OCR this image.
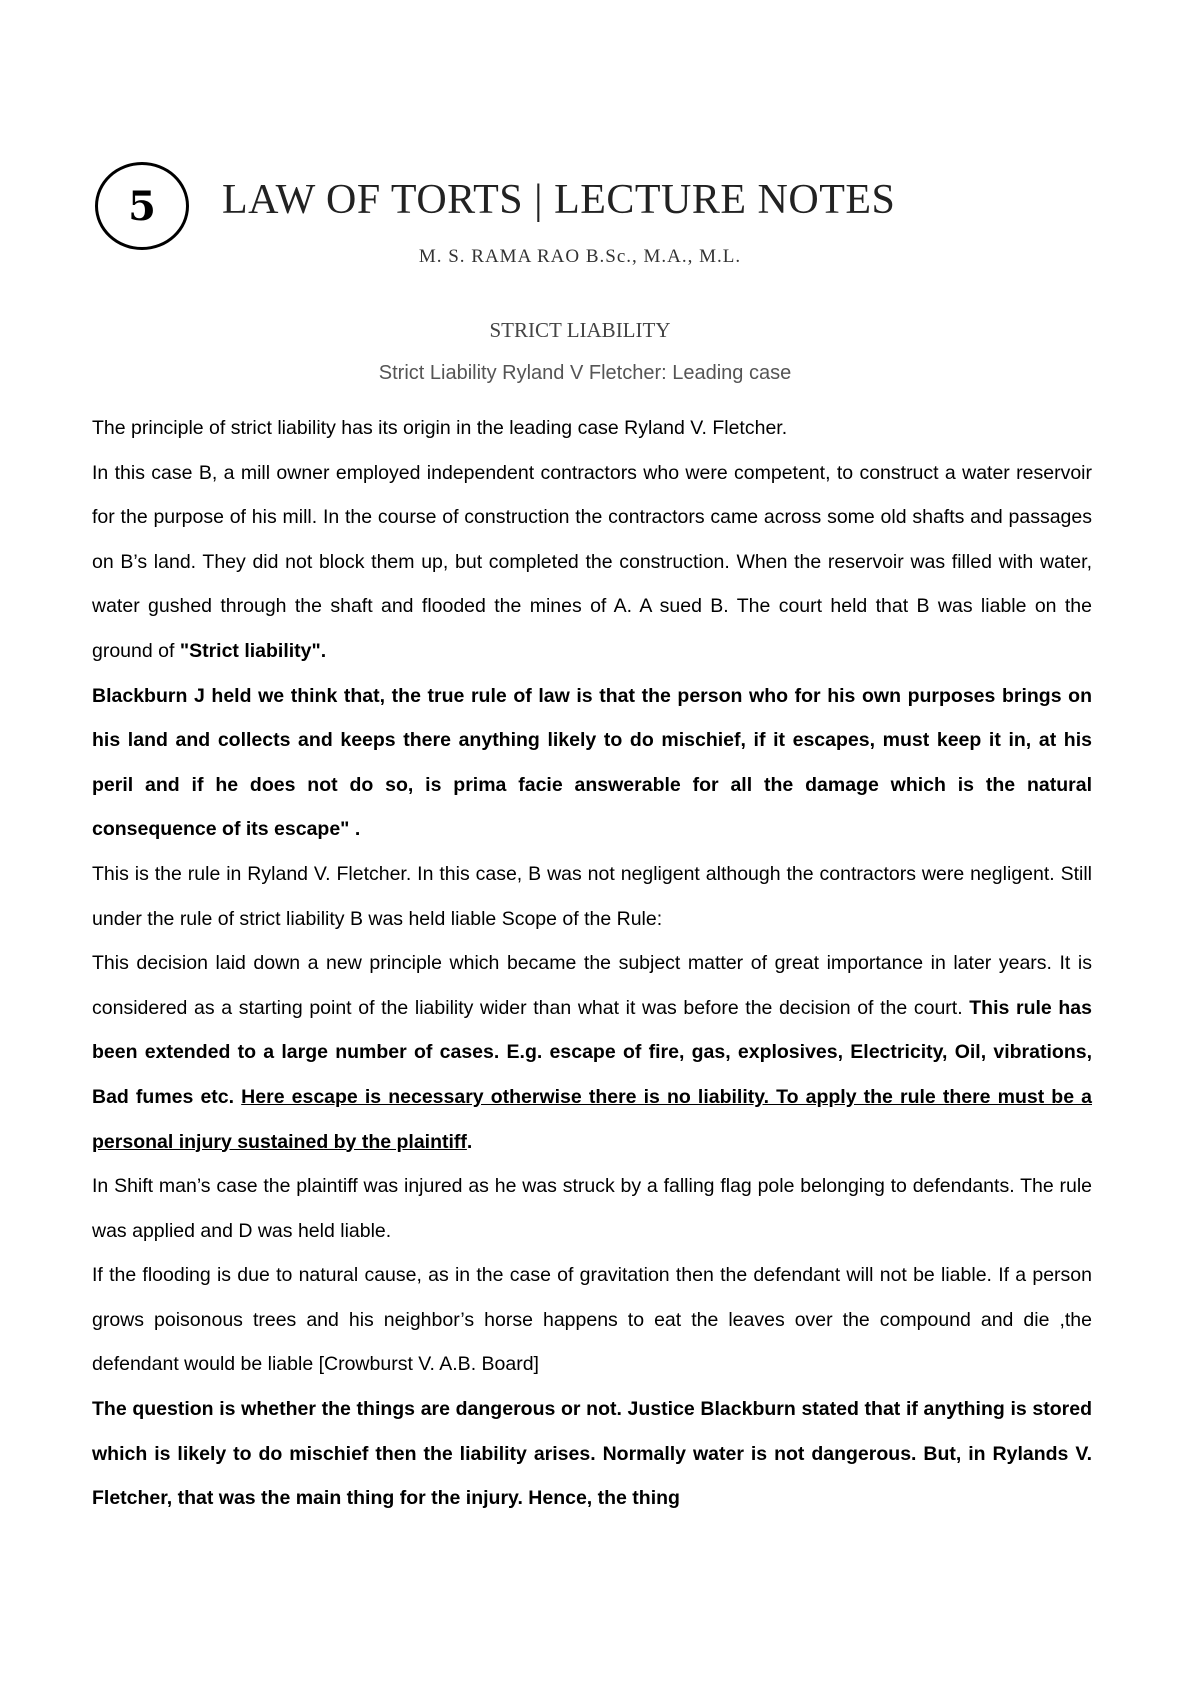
5 LAW OF TORTS | LECTURE NOTES
M. S. RAMA RAO B.Sc., M.A., M.L.
STRICT LIABILITY
Strict Liability Ryland V Fletcher: Leading case

The principle of strict liability has its origin in the leading case Ryland V. Fletcher.

In this case B, a mill owner employed independent contractors who were competent, to construct a water reservoir for the purpose of his mill. In the course of construction the contractors came across some old shafts and passages on B’s land. They did not block them up, but completed the construction. When the reservoir was filled with water, water gushed through the shaft and flooded the mines of A. A sued B. The court held that B was liable on the ground of "Strict liability".

Blackburn J held we think that, the true rule of law is that the person who for his own purposes brings on his land and collects and keeps there anything likely to do mischief, if it escapes, must keep it in, at his peril and if he does not do so, is prima facie answerable for all the damage which is the natural consequence of its escape" .

This is the rule in Ryland V. Fletcher. In this case, B was not negligent although the contractors were negligent. Still under the rule of strict liability B was held liable Scope of the Rule:

This decision laid down a new principle which became the subject matter of great importance in later years. It is considered as a starting point of the liability wider than what it was before the decision of the court. This rule has been extended to a large number of cases. E.g. escape of fire, gas, explosives, Electricity, Oil, vibrations, Bad fumes etc. Here escape is necessary otherwise there is no liability. To apply the rule there must be a personal injury sustained by the plaintiff.

In Shift man’s case the plaintiff was injured as he was struck by a falling flag pole belonging to defendants. The rule was applied and D was held liable.

If the flooding is due to natural cause, as in the case of gravitation then the defendant will not be liable. If a person grows poisonous trees and his neighbor’s horse happens to eat the leaves over the compound and die ,the defendant would be liable [Crowburst V. A.B. Board]

The question is whether the things are dangerous or not. Justice Blackburn stated that if anything is stored which is likely to do mischief then the liability arises. Normally water is not dangerous. But, in Rylands V. Fletcher, that was the main thing for the injury. Hence, the thing
